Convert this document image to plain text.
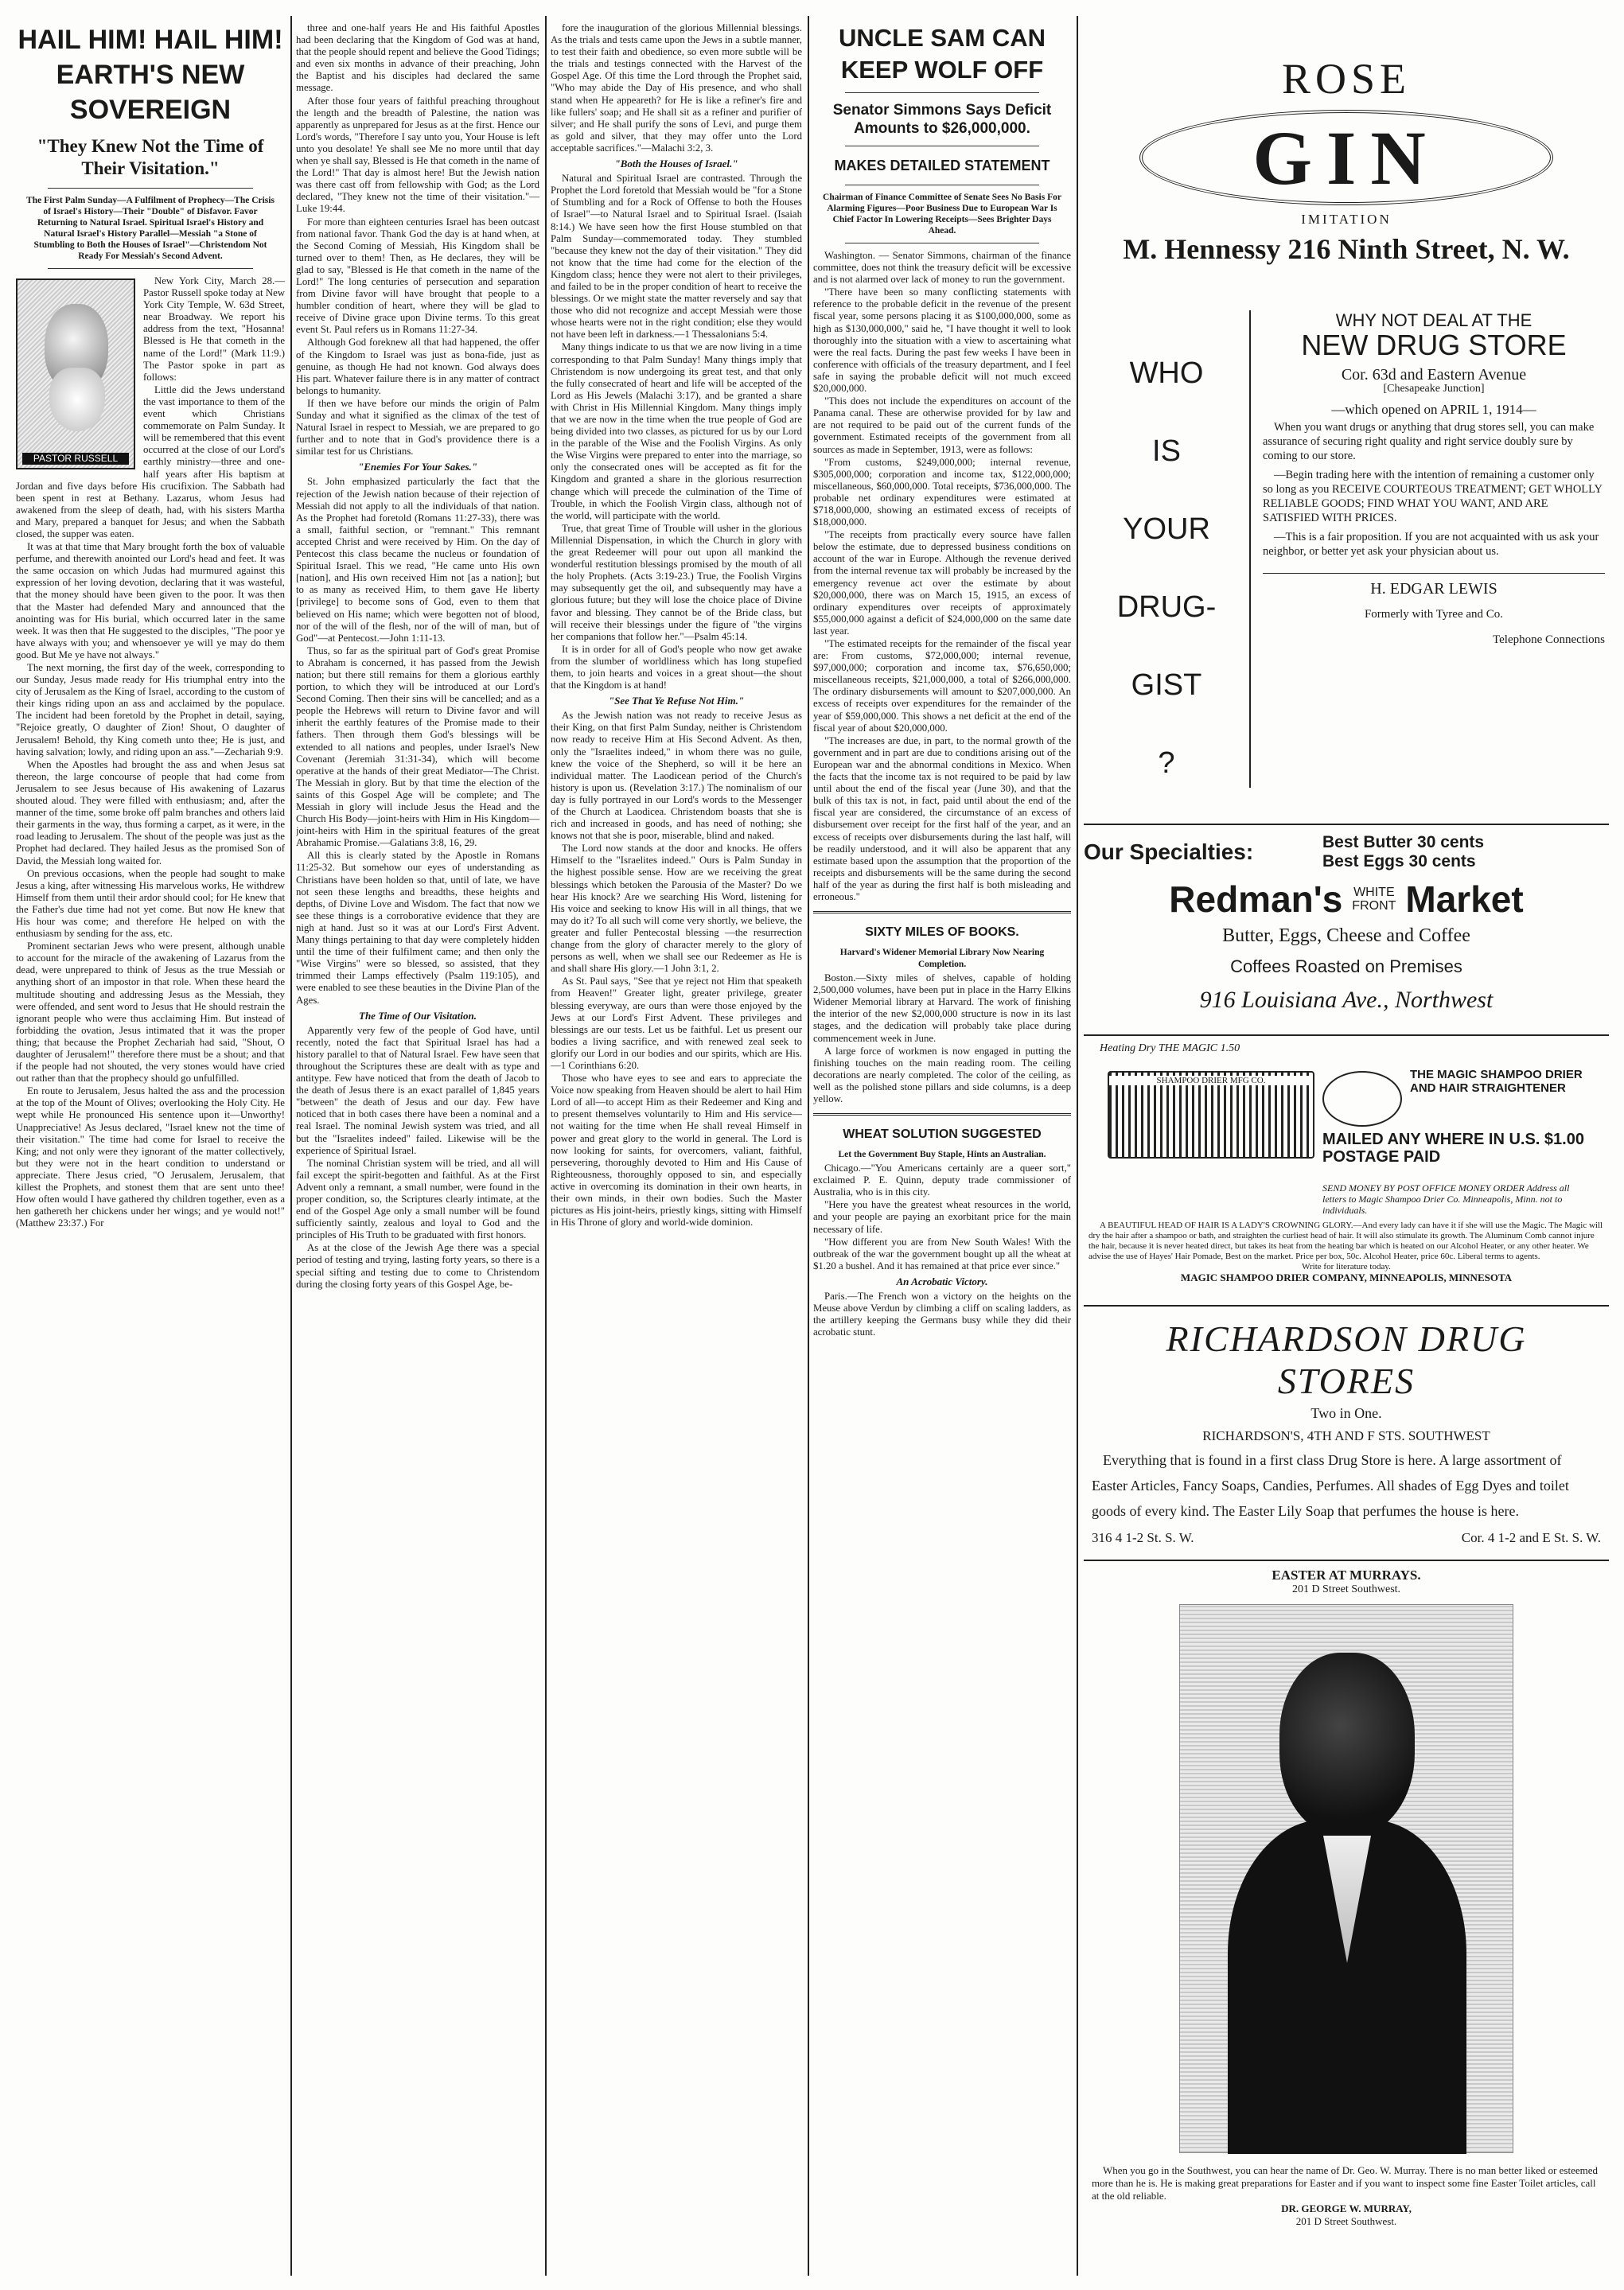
HAIL HIM! HAIL HIM! EARTH'S NEW SOVEREIGN
"They Knew Not the Time of Their Visitation."
The First Palm Sunday—A Fulfilment of Prophecy—The Crisis of Israel's History—Their "Double" of Disfavor. Favor Returning to Natural Israel. Spiritual Israel's History and Natural Israel's History Parallel—Messiah "a Stone of Stumbling to Both the Houses of Israel"—Christendom Not Ready For Messiah's Second Advent.
PASTOR RUSSELL

New York City, March 28.—Pastor Russell spoke today at New York City Temple, W. 63d Street, near Broadway. We report his address from the text, "Hosanna! Blessed is He that cometh in the name of the Lord!" (Mark 11:9.) The Pastor spoke in part as follows:

Little did the Jews understand the vast importance to them of the event which Christians commemorate on Palm Sunday. It will be remembered that this event occurred at the close of our Lord's earthly ministry—three and one-half years after His baptism at Jordan and five days before His crucifixion. The Sabbath had been spent in rest at Bethany. Lazarus, whom Jesus had awakened from the sleep of death, had, with his sisters Martha and Mary, prepared a banquet for Jesus; and when the Sabbath closed, the supper was eaten.

It was at that time that Mary brought forth the box of valuable perfume, and therewith anointed our Lord's head and feet. It was the same occasion on which Judas had murmured against this expression of her loving devotion, declaring that it was wasteful, that the money should have been given to the poor. It was then that the Master had defended Mary and announced that the anointing was for His burial, which occurred later in the same week. It was then that He suggested to the disciples, "The poor ye have always with you; and whensoever ye will ye may do them good. But Me ye have not always."

The next morning, the first day of the week, corresponding to our Sunday, Jesus made ready for His triumphal entry into the city of Jerusalem as the King of Israel, according to the custom of their kings riding upon an ass and acclaimed by the populace. The incident had been foretold by the Prophet in detail, saying, "Rejoice greatly, O daughter of Zion! Shout, O daughter of Jerusalem! Behold, thy King cometh unto thee; He is just, and having salvation; lowly, and riding upon an ass."—Zechariah 9:9.

When the Apostles had brought the ass and when Jesus sat thereon, the large concourse of people that had come from Jerusalem to see Jesus because of His awakening of Lazarus shouted aloud. They were filled with enthusiasm; and, after the manner of the time, some broke off palm branches and others laid their garments in the way, thus forming a carpet, as it were, in the road leading to Jerusalem. The shout of the people was just as the Prophet had declared. They hailed Jesus as the promised Son of David, the Messiah long waited for.

On previous occasions, when the people had sought to make Jesus a king, after witnessing His marvelous works, He withdrew Himself from them until their ardor should cool; for He knew that the Father's due time had not yet come. But now He knew that His hour was come; and therefore He helped on with the enthusiasm by sending for the ass, etc.

Prominent sectarian Jews who were present, although unable to account for the miracle of the awakening of Lazarus from the dead, were unprepared to think of Jesus as the true Messiah or anything short of an impostor in that role. When these heard the multitude shouting and addressing Jesus as the Messiah, they were offended, and sent word to Jesus that He should restrain the ignorant people who were thus acclaiming Him. But instead of forbidding the ovation, Jesus intimated that it was the proper thing; that because the Prophet Zechariah had said, "Shout, O daughter of Jerusalem!" therefore there must be a shout; and that if the people had not shouted, the very stones would have cried out rather than that the prophecy should go unfulfilled.

En route to Jerusalem, Jesus halted the ass and the procession at the top of the Mount of Olives; overlooking the Holy City. He wept while He pronounced His sentence upon it—Unworthy! Unappreciative! As Jesus declared, "Israel knew not the time of their visitation." The time had come for Israel to receive the King; and not only were they ignorant of the matter collectively, but they were not in the heart condition to understand or appreciate. There Jesus cried, "O Jerusalem, Jerusalem, that killest the Prophets, and stonest them that are sent unto thee! How often would I have gathered thy children together, even as a hen gathereth her chickens under her wings; and ye would not!" (Matthew 23:37.) For

three and one-half years He and His faithful Apostles had been declaring that the Kingdom of God was at hand, that the people should repent and believe the Good Tidings; and even six months in advance of their preaching, John the Baptist and his disciples had declared the same message.

After those four years of faithful preaching throughout the length and the breadth of Palestine, the nation was apparently as unprepared for Jesus as at the first. Hence our Lord's words, "Therefore I say unto you, Your House is left unto you desolate! Ye shall see Me no more until that day when ye shall say, Blessed is He that cometh in the name of the Lord!" That day is almost here! But the Jewish nation was there cast off from fellowship with God; as the Lord declared, "They knew not the time of their visitation."—Luke 19:44.

For more than eighteen centuries Israel has been outcast from national favor. Thank God the day is at hand when, at the Second Coming of Messiah, His Kingdom shall be turned over to them! Then, as He declares, they will be glad to say, "Blessed is He that cometh in the name of the Lord!" The long centuries of persecution and separation from Divine favor will have brought that people to a humbler condition of heart, where they will be glad to receive of Divine grace upon Divine terms. To this great event St. Paul refers us in Romans 11:27-34.

Although God foreknew all that had happened, the offer of the Kingdom to Israel was just as bona-fide, just as genuine, as though He had not known. God always does His part. Whatever failure there is in any matter of contract belongs to humanity.

If then we have before our minds the origin of Palm Sunday and what it signified as the climax of the test of Natural Israel in respect to Messiah, we are prepared to go further and to note that in God's providence there is a similar test for us Christians.

"Enemies For Your Sakes."

St. John emphasized particularly the fact that the rejection of the Jewish nation because of their rejection of Messiah did not apply to all the individuals of that nation. As the Prophet had foretold (Romans 11:27-33), there was a small, faithful section, or "remnant." This remnant accepted Christ and were received by Him. On the day of Pentecost this class became the nucleus or foundation of Spiritual Israel. This we read, "He came unto His own [nation], and His own received Him not [as a nation]; but to as many as received Him, to them gave He liberty [privilege] to become sons of God, even to them that believed on His name; which were begotten not of blood, nor of the will of the flesh, nor of the will of man, but of God"—at Pentecost.—John 1:11-13.

Thus, so far as the spiritual part of God's great Promise to Abraham is concerned, it has passed from the Jewish nation; but there still remains for them a glorious earthly portion, to which they will be introduced at our Lord's Second Coming. Then their sins will be cancelled; and as a people the Hebrews will return to Divine favor and will inherit the earthly features of the Promise made to their fathers. Then through them God's blessings will be extended to all nations and peoples, under Israel's New Covenant (Jeremiah 31:31-34), which will become operative at the hands of their great Mediator—The Christ. The Messiah in glory. But by that time the election of the saints of this Gospel Age will be complete; and The Messiah in glory will include Jesus the Head and the Church His Body—joint-heirs with Him in His Kingdom—joint-heirs with Him in the spiritual features of the great Abrahamic Promise.—Galatians 3:8, 16, 29.

All this is clearly stated by the Apostle in Romans 11:25-32. But somehow our eyes of understanding as Christians have been holden so that, until of late, we have not seen these lengths and breadths, these heights and depths, of Divine Love and Wisdom. The fact that now we see these things is a corroborative evidence that they are nigh at hand. Just so it was at our Lord's First Advent. Many things pertaining to that day were completely hidden until the time of their fulfilment came; and then only the "Wise Virgins" were so blessed, so assisted, that they trimmed their Lamps effectively (Psalm 119:105), and were enabled to see these beauties in the Divine Plan of the Ages.

The Time of Our Visitation.

Apparently very few of the people of God have, until recently, noted the fact that Spiritual Israel has had a history parallel to that of Natural Israel. Few have seen that throughout the Scriptures these are dealt with as type and antitype. Few have noticed that from the death of Jacob to the death of Jesus there is an exact parallel of 1,845 years "between" the death of Jesus and our day. Few have noticed that in both cases there have been a nominal and a real Israel. The nominal Jewish system was tried, and all but the "Israelites indeed" failed. Likewise will be the experience of Spiritual Israel.

The nominal Christian system will be tried, and all will fail except the spirit-begotten and faithful. As at the First Advent only a remnant, a small number, were found in the proper condition, so, the Scriptures clearly intimate, at the end of the Gospel Age only a small number will be found sufficiently saintly, zealous and loyal to God and the principles of His Truth to be graduated with first honors.

As at the close of the Jewish Age there was a special period of testing and trying, lasting forty years, so there is a special sifting and testing due to come to Christendom during the closing forty years of this Gospel Age, be-

fore the inauguration of the glorious Millennial blessings. As the trials and tests came upon the Jews in a subtle manner, to test their faith and obedience, so even more subtle will be the trials and testings connected with the Harvest of the Gospel Age. Of this time the Lord through the Prophet said, "Who may abide the Day of His presence, and who shall stand when He appeareth? for He is like a refiner's fire and like fullers' soap; and He shall sit as a refiner and purifier of silver; and He shall purify the sons of Levi, and purge them as gold and silver, that they may offer unto the Lord acceptable sacrifices."—Malachi 3:2, 3.

"Both the Houses of Israel."

Natural and Spiritual Israel are contrasted. Through the Prophet the Lord foretold that Messiah would be "for a Stone of Stumbling and for a Rock of Offense to both the Houses of Israel"—to Natural Israel and to Spiritual Israel. (Isaiah 8:14.) We have seen how the first House stumbled on that Palm Sunday—commemorated today. They stumbled "because they knew not the day of their visitation." They did not know that the time had come for the election of the Kingdom class; hence they were not alert to their privileges, and failed to be in the proper condition of heart to receive the blessings. Or we might state the matter reversely and say that those who did not recognize and accept Messiah were those whose hearts were not in the right condition; else they would not have been left in darkness.—1 Thessalonians 5:4.

Many things indicate to us that we are now living in a time corresponding to that Palm Sunday! Many things imply that Christendom is now undergoing its great test, and that only the fully consecrated of heart and life will be accepted of the Lord as His Jewels (Malachi 3:17), and be granted a share with Christ in His Millennial Kingdom. Many things imply that we are now in the time when the true people of God are being divided into two classes, as pictured for us by our Lord in the parable of the Wise and the Foolish Virgins. As only the Wise Virgins were prepared to enter into the marriage, so only the consecrated ones will be accepted as fit for the Kingdom and granted a share in the glorious resurrection change which will precede the culmination of the Time of Trouble, in which the Foolish Virgin class, although not of the world, will participate with the world.

True, that great Time of Trouble will usher in the glorious Millennial Dispensation, in which the Church in glory with the great Redeemer will pour out upon all mankind the wonderful restitution blessings promised by the mouth of all the holy Prophets. (Acts 3:19-23.) True, the Foolish Virgins may subsequently get the oil, and subsequently may have a glorious future; but they will lose the choice place of Divine favor and blessing. They cannot be of the Bride class, but will receive their blessings under the figure of "the virgins her companions that follow her."—Psalm 45:14.

It is in order for all of God's people who now get awake from the slumber of worldliness which has long stupefied them, to join hearts and voices in a great shout—the shout that the Kingdom is at hand!

"See That Ye Refuse Not Him."

As the Jewish nation was not ready to receive Jesus as their King, on that first Palm Sunday, neither is Christendom now ready to receive Him at His Second Advent. As then, only the "Israelites indeed," in whom there was no guile, knew the voice of the Shepherd, so will it be here an individual matter. The Laodicean period of the Church's history is upon us. (Revelation 3:17.) The nominalism of our day is fully portrayed in our Lord's words to the Messenger of the Church at Laodicea. Christendom boasts that she is rich and increased in goods, and has need of nothing; she knows not that she is poor, miserable, blind and naked.

The Lord now stands at the door and knocks. He offers Himself to the "Israelites indeed." Ours is Palm Sunday in the highest possible sense. How are we receiving the great blessings which betoken the Parousia of the Master? Do we hear His knock? Are we searching His Word, listening for His voice and seeking to know His will in all things, that we may do it? To all such will come very shortly, we believe, the greater and fuller Pentecostal blessing —the resurrection change from the glory of character merely to the glory of persons as well, when we shall see our Redeemer as He is and shall share His glory.—1 John 3:1, 2.

As St. Paul says, "See that ye reject not Him that speaketh from Heaven!" Greater light, greater privilege, greater blessing everyway, are ours than were those enjoyed by the Jews at our Lord's First Advent. These privileges and blessings are our tests. Let us be faithful. Let us present our bodies a living sacrifice, and with renewed zeal seek to glorify our Lord in our bodies and our spirits, which are His.—1 Corinthians 6:20.

Those who have eyes to see and ears to appreciate the Voice now speaking from Heaven should be alert to hail Him Lord of all—to accept Him as their Redeemer and King and to present themselves voluntarily to Him and His service—not waiting for the time when He shall reveal Himself in power and great glory to the world in general. The Lord is now looking for saints, for overcomers, valiant, faithful, persevering, thoroughly devoted to Him and His Cause of Righteousness, thoroughly opposed to sin, and especially active in overcoming its domination in their own hearts, in their own minds, in their own bodies. Such the Master pictures as His joint-heirs, priestly kings, sitting with Himself in His Throne of glory and world-wide dominion.

UNCLE SAM CAN KEEP WOLF OFF
Senator Simmons Says Deficit Amounts to $26,000,000.
MAKES DETAILED STATEMENT
Chairman of Finance Committee of Senate Sees No Basis For Alarming Figures—Poor Business Due to European War Is Chief Factor In Lowering Receipts—Sees Brighter Days Ahead.

Washington. — Senator Simmons, chairman of the finance committee, does not think the treasury deficit will be excessive and is not alarmed over lack of money to run the government.

"There have been so many conflicting statements with reference to the probable deficit in the revenue of the present fiscal year, some persons placing it as $100,000,000, some as high as $130,000,000," said he, "I have thought it well to look thoroughly into the situation with a view to ascertaining what were the real facts. During the past few weeks I have been in conference with officials of the treasury department, and I feel safe in saying the probable deficit will not much exceed $20,000,000.

"This does not include the expenditures on account of the Panama canal. These are otherwise provided for by law and are not required to be paid out of the current funds of the government. Estimated receipts of the government from all sources as made in September, 1913, were as follows:

"From customs, $249,000,000; internal revenue, $305,000,000; corporation and income tax, $122,000,000; miscellaneous, $60,000,000. Total receipts, $736,000,000. The probable net ordinary expenditures were estimated at $718,000,000, showing an estimated excess of receipts of $18,000,000.

"The receipts from practically every source have fallen below the estimate, due to depressed business conditions on account of the war in Europe. Although the revenue derived from the internal revenue tax will probably be increased by the emergency revenue act over the estimate by about $20,000,000, there was on March 15, 1915, an excess of ordinary expenditures over receipts of approximately $55,000,000 against a deficit of $24,000,000 on the same date last year.

"The estimated receipts for the remainder of the fiscal year are: From customs, $72,000,000; internal revenue, $97,000,000; corporation and income tax, $76,650,000; miscellaneous receipts, $21,000,000, a total of $266,000,000. The ordinary disbursements will amount to $207,000,000. An excess of receipts over expenditures for the remainder of the year of $59,000,000. This shows a net deficit at the end of the fiscal year of about $20,000,000.

"The increases are due, in part, to the normal growth of the government and in part are due to conditions arising out of the European war and the abnormal conditions in Mexico. When the facts that the income tax is not required to be paid by law until about the end of the fiscal year (June 30), and that the bulk of this tax is not, in fact, paid until about the end of the fiscal year are considered, the circumstance of an excess of disbursement over receipt for the first half of the year, and an excess of receipts over disbursements during the last half, will be readily understood, and it will also be apparent that any estimate based upon the assumption that the proportion of the receipts and disbursements will be the same during the second half of the year as during the first half is both misleading and erroneous."

SIXTY MILES OF BOOKS.
Harvard's Widener Memorial Library Now Nearing Completion.

Boston.—Sixty miles of shelves, capable of holding 2,500,000 volumes, have been put in place in the Harry Elkins Widener Memorial library at Harvard. The work of finishing the interior of the new $2,000,000 structure is now in its last stages, and the dedication will probably take place during commencement week in June.

A large force of workmen is now engaged in putting the finishing touches on the main reading room. The ceiling decorations are nearly completed. The color of the ceiling, as well as the polished stone pillars and side columns, is a deep yellow.

WHEAT SOLUTION SUGGESTED
Let the Government Buy Staple, Hints an Australian.

Chicago.—"You Americans certainly are a queer sort," exclaimed P. E. Quinn, deputy trade commissioner of Australia, who is in this city.

"Here you have the greatest wheat resources in the world, and your people are paying an exorbitant price for the main necessary of life.

"How different you are from New South Wales! With the outbreak of the war the government bought up all the wheat at $1.20 a bushel. And it has remained at that price ever since."

An Acrobatic Victory.

Paris.—The French won a victory on the heights on the Meuse above Verdun by climbing a cliff on scaling ladders, as the artillery keeping the Germans busy while they did their acrobatic stunt.

ROSE
GIN
IMITATION
M. Hennessy 216 Ninth Street, N. W.
WHO
IS
YOUR
DRUG-
GIST
?
WHY NOT DEAL AT THE
NEW DRUG STORE
Cor. 63d and Eastern Avenue
[Chesapeake Junction]
—which opened on APRIL 1, 1914—

When you want drugs or anything that drug stores sell, you can make assurance of securing right quality and right service doubly sure by coming to our store.

—Begin trading here with the intention of remaining a customer only so long as you RECEIVE COURTEOUS TREATMENT; GET WHOLLY RELIABLE GOODS; FIND WHAT YOU WANT, AND ARE SATISFIED WITH PRICES.

—This is a fair proposition. If you are not acquainted with us ask your neighbor, or better yet ask your physician about us.

H. EDGAR LEWIS
Formerly with Tyree and Co.
Telephone Connections
Our Specialties:	Best Butter 30 cents
Best Eggs 30 cents
Redman's WHITE
FRONT Market
Butter, Eggs, Cheese and Coffee
Coffees Roasted on Premises
916 Louisiana Ave., Northwest
Heating Dry THE MAGIC 1.50
SHAMPOO DRIER MFG CO.	THE MAGIC SHAMPOO DRIER AND HAIR STRAIGHTENER
MAILED ANY WHERE IN U.S. $1.00 POSTAGE PAID
SEND MONEY BY POST OFFICE MONEY ORDER Address all letters to Magic Shampoo Drier Co. Minneapolis, Minn. not to individuals.

A BEAUTIFUL HEAD OF HAIR IS A LADY'S CROWNING GLORY.—And every lady can have it if she will use the Magic. The Magic will dry the hair after a shampoo or bath, and straighten the curliest head of hair. It will also stimulate its growth. The Aluminum Comb cannot injure the hair, because it is never heated direct, but takes its heat from the heating bar which is heated on our Alcohol Heater, or any other heater. We advise the use of Hayes' Hair Pomade, Best on the market. Price per box, 50c. Alcohol Heater, price 60c. Liberal terms to agents.

Write for literature today.
MAGIC SHAMPOO DRIER COMPANY, MINNEAPOLIS, MINNESOTA
RICHARDSON DRUG
STORES
Two in One.
RICHARDSON'S, 4TH AND F STS. SOUTHWEST

Everything that is found in a first class Drug Store is here. A large assortment of Easter Articles, Fancy Soaps, Candies, Perfumes. All shades of Egg Dyes and toilet goods of every kind. The Easter Lily Soap that perfumes the house is here.

316 4 1-2 St. S. W.	Cor. 4 1-2 and E St. S. W.
EASTER AT MURRAYS.
201 D Street Southwest.

When you go in the Southwest, you can hear the name of Dr. Geo. W. Murray. There is no man better liked or esteemed more than he is. He is making great preparations for Easter and if you want to inspect some fine Easter Toilet articles, call at the old reliable.

DR. GEORGE W. MURRAY,
201 D Street Southwest.
